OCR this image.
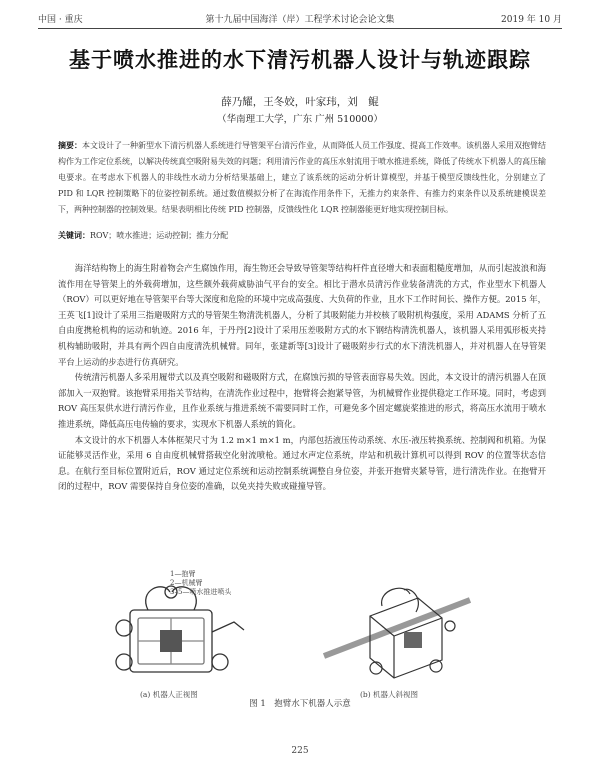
中国 · 重庆	第十九届中国海洋（岸）工程学术讨论会论文集	2019 年 10 月
基于喷水推进的水下清污机器人设计与轨迹跟踪
薛乃耀，王冬姣，叶家玮，刘　鲲
（华南理工大学，广东 广州 510000）
摘要：本文设计了一种新型水下清污机器人系统进行导管架平台清污作业，从而降低人员工作强度、提高工作效率。该机器人采用双抱臂结构作为工作定位系统，以解决传统真空吸附易失效的问题；利用清污作业的高压水射流用于喷水推进系统，降低了传统水下机器人的高压输电要求。在考虑水下机器人的非线性水动力分析结果基础上，建立了该系统的运动分析计算模型，并基于模型反馈线性化，分别建立了 PID 和 LQR 控制策略下的位姿控制系统。通过数值模拟分析了在海流作用条件下，无推力约束条件、有推力约束条件以及系统建模误差下，两种控制器的控制效果。结果表明相比传统 PID 控制器，反馈线性化 LQR 控制器能更好地实现控制目标。
关键词：ROV；喷水推进；运动控制；推力分配

海洋结构物上的海生附着物会产生腐蚀作用，海生物还会导致导管架等结构杆件直径增大和表面粗糙度增加，从而引起波浪和海流作用在导管架上的外载荷增加，这些额外载荷威胁油气平台的安全。相比于潜水员清污作业装备清洗的方式，作业型水下机器人（ROV）可以更好地在导管架平台等大深度和危险的环境中完成高强度、大负荷的作业，且水下工作时间长、操作方便。2015 年，王英飞[1]设计了采用三指避吸附方式的导管架生物清洗机器人，分析了其吸附能力并校核了吸附机构强度，采用 ADAMS 分析了五自由度携枪机构的运动和轨迹。2016 年，于丹丹[2]设计了采用压差吸附方式的水下钢结构清洗机器人，该机器人采用弧形板夹持机构辅助吸附，并具有两个四自由度清洗机械臂。同年，张建新等[3]设计了磁吸附步行式的水下清洗机器人，并对机器人在导管架平台上运动的步态进行仿真研究。

传统清污机器人多采用履带式以及真空吸附和磁吸附方式，在腐蚀污损的导管表面容易失效。因此，本文设计的清污机器人在顶部加入一双抱臂。该抱臂采用指关节结构，在清洗作业过程中，抱臂将会抱紧导管，为机械臂作业提供稳定工作环境。同时，考虑到 ROV 高压泵供水进行清污作业，且作业系统与推进系统不需要同时工作，可避免多个固定螺旋桨推进的形式，将高压水流用于喷水推进系统，降低高压电传输的要求，实现水下机器人系统的简化。

本文设计的水下机器人本体框架尺寸为 1.2 m×1 m×1 m，内部包括液压传动系统、水压-液压转换系统、控制阀和机箱。为保证能够灵活作业，采用 6 自由度机械臂搭载空化射流喷枪。通过水声定位系统，岸站和机载计算机可以得到 ROV 的位置等状态信息。在航行至目标位置附近后，ROV 通过定位系统和运动控制系统调整自身位姿，并张开抱臂夹紧导管，进行清洗作业。在抱臂开闭的过程中，ROV 需要保持自身位姿的准确，以免夹持失败或碰撞导管。

1—抱臂
2—机械臂
3–5—喷水推进喷头
(a) 机器人正视图	(b) 机器人斜视图
图 1　抱臂水下机器人示意
225
